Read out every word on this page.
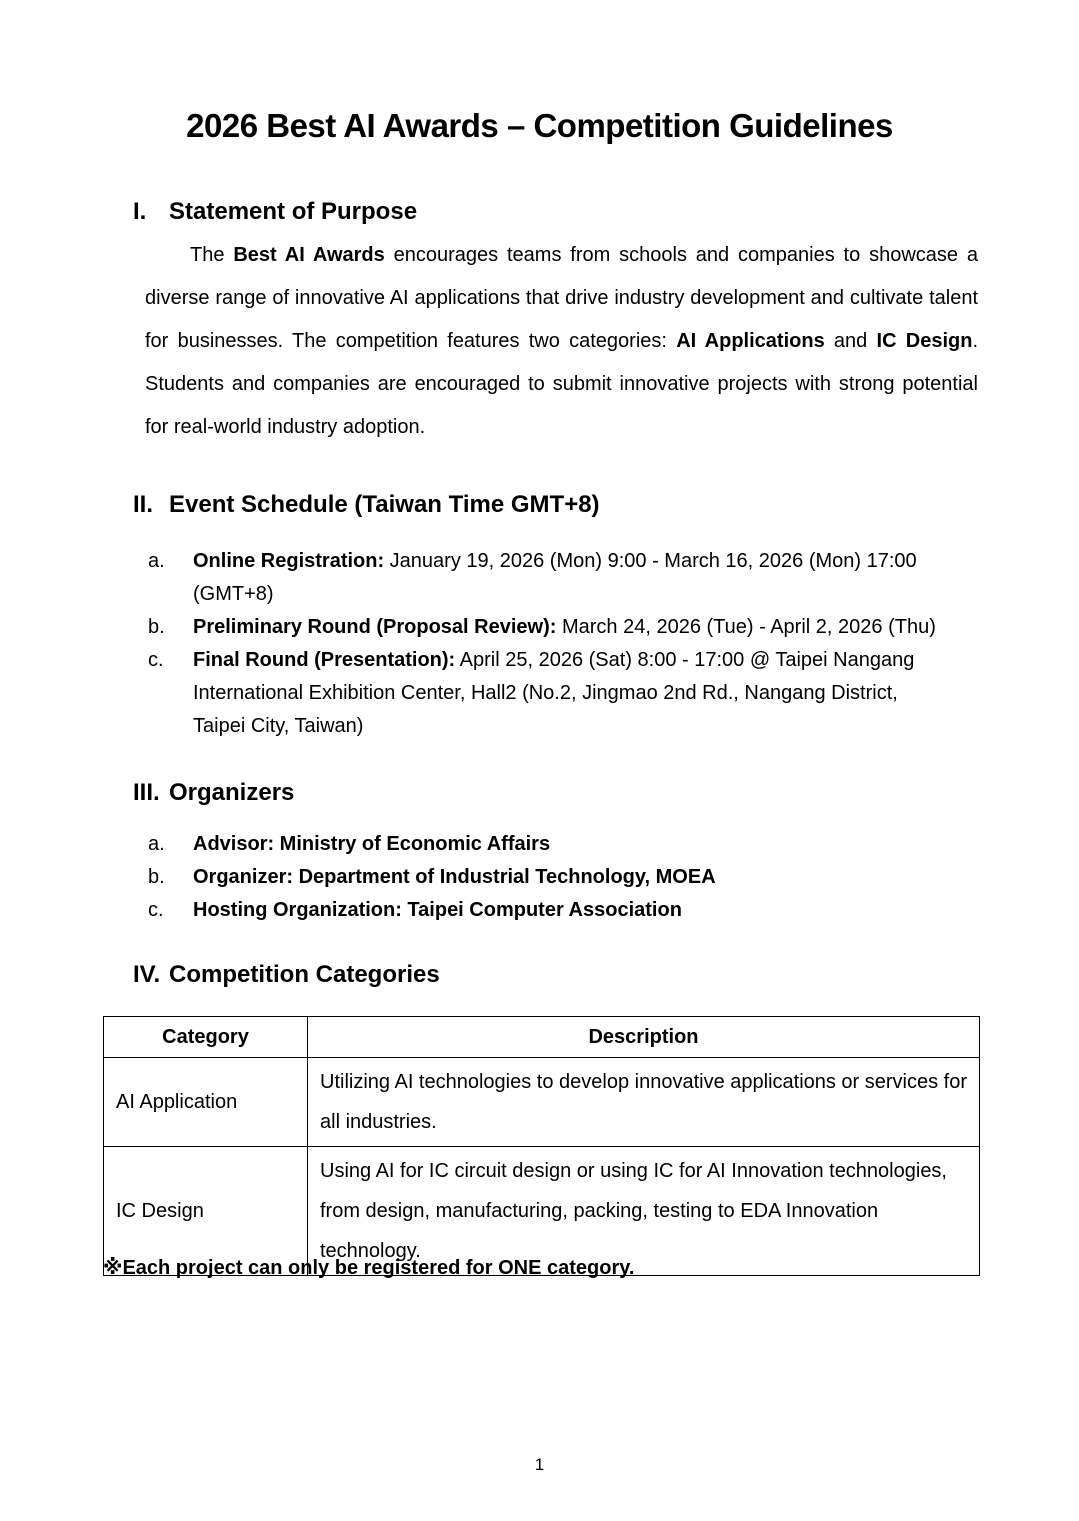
2026 Best AI Awards – Competition Guidelines
I. Statement of Purpose

The Best AI Awards encourages teams from schools and companies to showcase a diverse range of innovative AI applications that drive industry development and cultivate talent for businesses. The competition features two categories: AI Applications and IC Design. Students and companies are encouraged to submit innovative projects with strong potential for real-world industry adoption.

II. Event Schedule (Taiwan Time GMT+8)
a.	Online Registration: January 19, 2026 (Mon) 9:00 - March 16, 2026 (Mon) 17:00 (GMT+8)
b.	Preliminary Round (Proposal Review): March 24, 2026 (Tue) - April 2, 2026 (Thu)
c.	Final Round (Presentation): April 25, 2026 (Sat) 8:00 - 17:00 @ Taipei Nangang International Exhibition Center, Hall2 (No.2, Jingmao 2nd Rd., Nangang District, Taipei City, Taiwan)
III. Organizers
a.	Advisor: Ministry of Economic Affairs
b.	Organizer: Department of Industrial Technology, MOEA
c.	Hosting Organization: Taipei Computer Association
IV. Competition Categories
Category	Description
AI Application	Utilizing AI technologies to develop innovative applications or services for all industries.
IC Design	Using AI for IC circuit design or using IC for AI Innovation technologies, from design, manufacturing, packing, testing to EDA Innovation technology.
※Each project can only be registered for ONE category.
1
